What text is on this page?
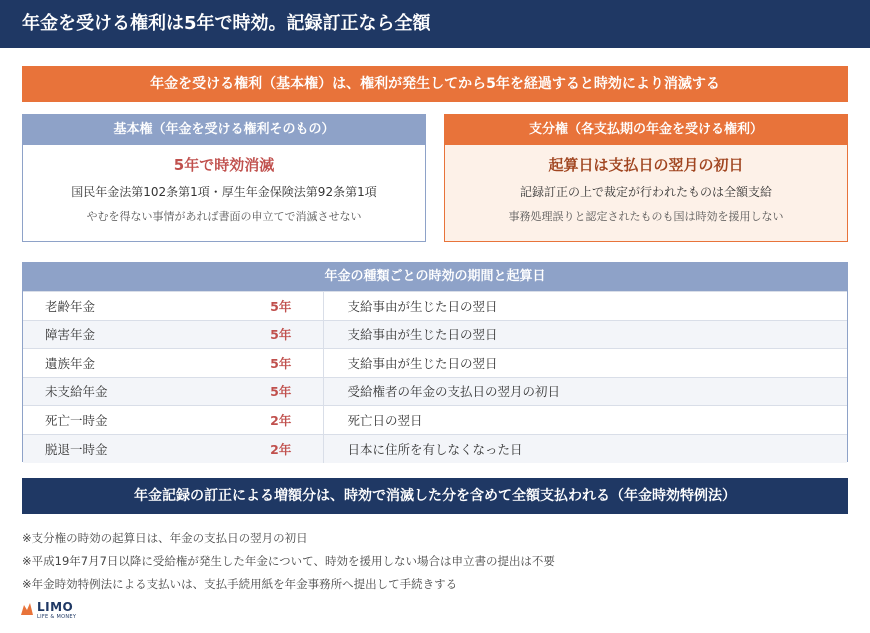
年金を受ける権利は5年で時効。記録訂正なら全額
年金を受ける権利（基本権）は、権利が発生してから5年を経過すると時効により消滅する
基本権（年金を受ける権利そのもの）
5年で時効消滅
国民年金法第102条第1項・厚生年金保険法第92条第1項
やむを得ない事情があれば書面の申立てで消滅させない
支分権（各支払期の年金を受ける権利）
起算日は支払日の翌月の初日
記録訂正の上で裁定が行われたものは全額支給
事務処理誤りと認定されたものも国は時効を援用しない
年金の種類ごとの時効の期間と起算日
老齢年金	5年	支給事由が生じた日の翌日
障害年金	5年	支給事由が生じた日の翌日
遺族年金	5年	支給事由が生じた日の翌日
未支給年金	5年	受給権者の年金の支払日の翌月の初日
死亡一時金	2年	死亡日の翌日
脱退一時金	2年	日本に住所を有しなくなった日
年金記録の訂正による増額分は、時効で消滅した分を含めて全額支払われる（年金時効特例法）
※支分権の時効の起算日は、年金の支払日の翌月の初日
※平成19年7月7日以降に受給権が発生した年金について、時効を援用しない場合は申立書の提出は不要
※年金時効特例法による支払いは、支払手続用紙を年金事務所へ提出して手続きする
LIMO
LIFE & MONEY
